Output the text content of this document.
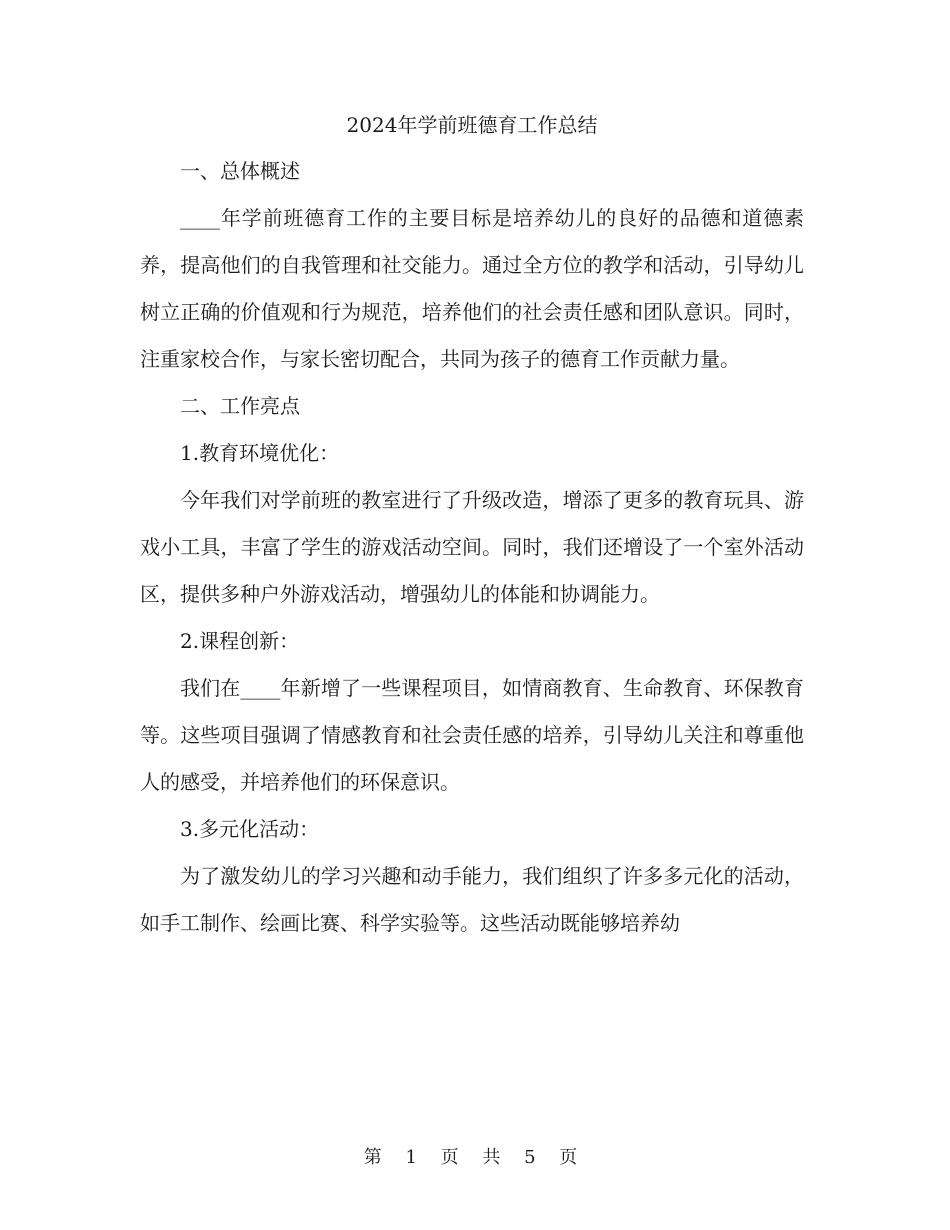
2024年学前班德育工作总结

一、总体概述

____年学前班德育工作的主要目标是培养幼儿的良好的品德和道德素养，提高他们的自我管理和社交能力。通过全方位的教学和活动，引导幼儿树立正确的价值观和行为规范，培养他们的社会责任感和团队意识。同时，注重家校合作，与家长密切配合，共同为孩子的德育工作贡献力量。

二、工作亮点

1.教育环境优化：

今年我们对学前班的教室进行了升级改造，增添了更多的教育玩具、游戏小工具，丰富了学生的游戏活动空间。同时，我们还增设了一个室外活动区，提供多种户外游戏活动，增强幼儿的体能和协调能力。

2.课程创新：

我们在____年新增了一些课程项目，如情商教育、生命教育、环保教育等。这些项目强调了情感教育和社会责任感的培养，引导幼儿关注和尊重他人的感受，并培养他们的环保意识。

3.多元化活动：

为了激发幼儿的学习兴趣和动手能力，我们组织了许多多元化的活动，如手工制作、绘画比赛、科学实验等。这些活动既能够培养幼

第 1 页 共 5 页
